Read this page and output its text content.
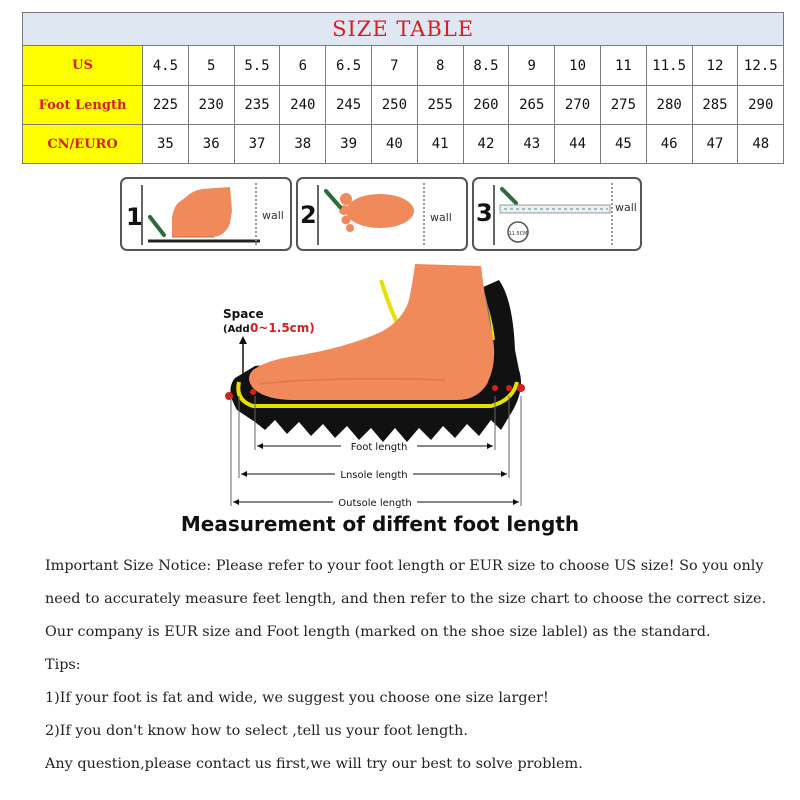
SIZE TABLE														
US	4.5	5	5.5	6	6.5	7	8	8.5	9	10	11	11.5	12	12.5
Foot Length	225	230	235	240	245	250	255	260	265	270	275	280	285	290
CN/EURO	35	36	37	38	39	40	41	42	43	44	45	46	47	48
1	wall 2	wall 3
11.5CM
wall
Space
(Add 0~1.5cm)
Foot length
Lnsole length
Outsole length
Measurement of diffent foot length

Important Size Notice: Please refer to your foot length or EUR size to choose US size! So you only

need to accurately measure feet length, and then refer to the size chart to choose the correct size.

Our company is EUR size and Foot length (marked on the shoe size lablel) as the standard.

Tips:

1)If your foot is fat and wide, we suggest you choose one size larger!

2)If you don't know how to select ,tell us your foot length.

Any question,please contact us first,we will try our best to solve problem.
